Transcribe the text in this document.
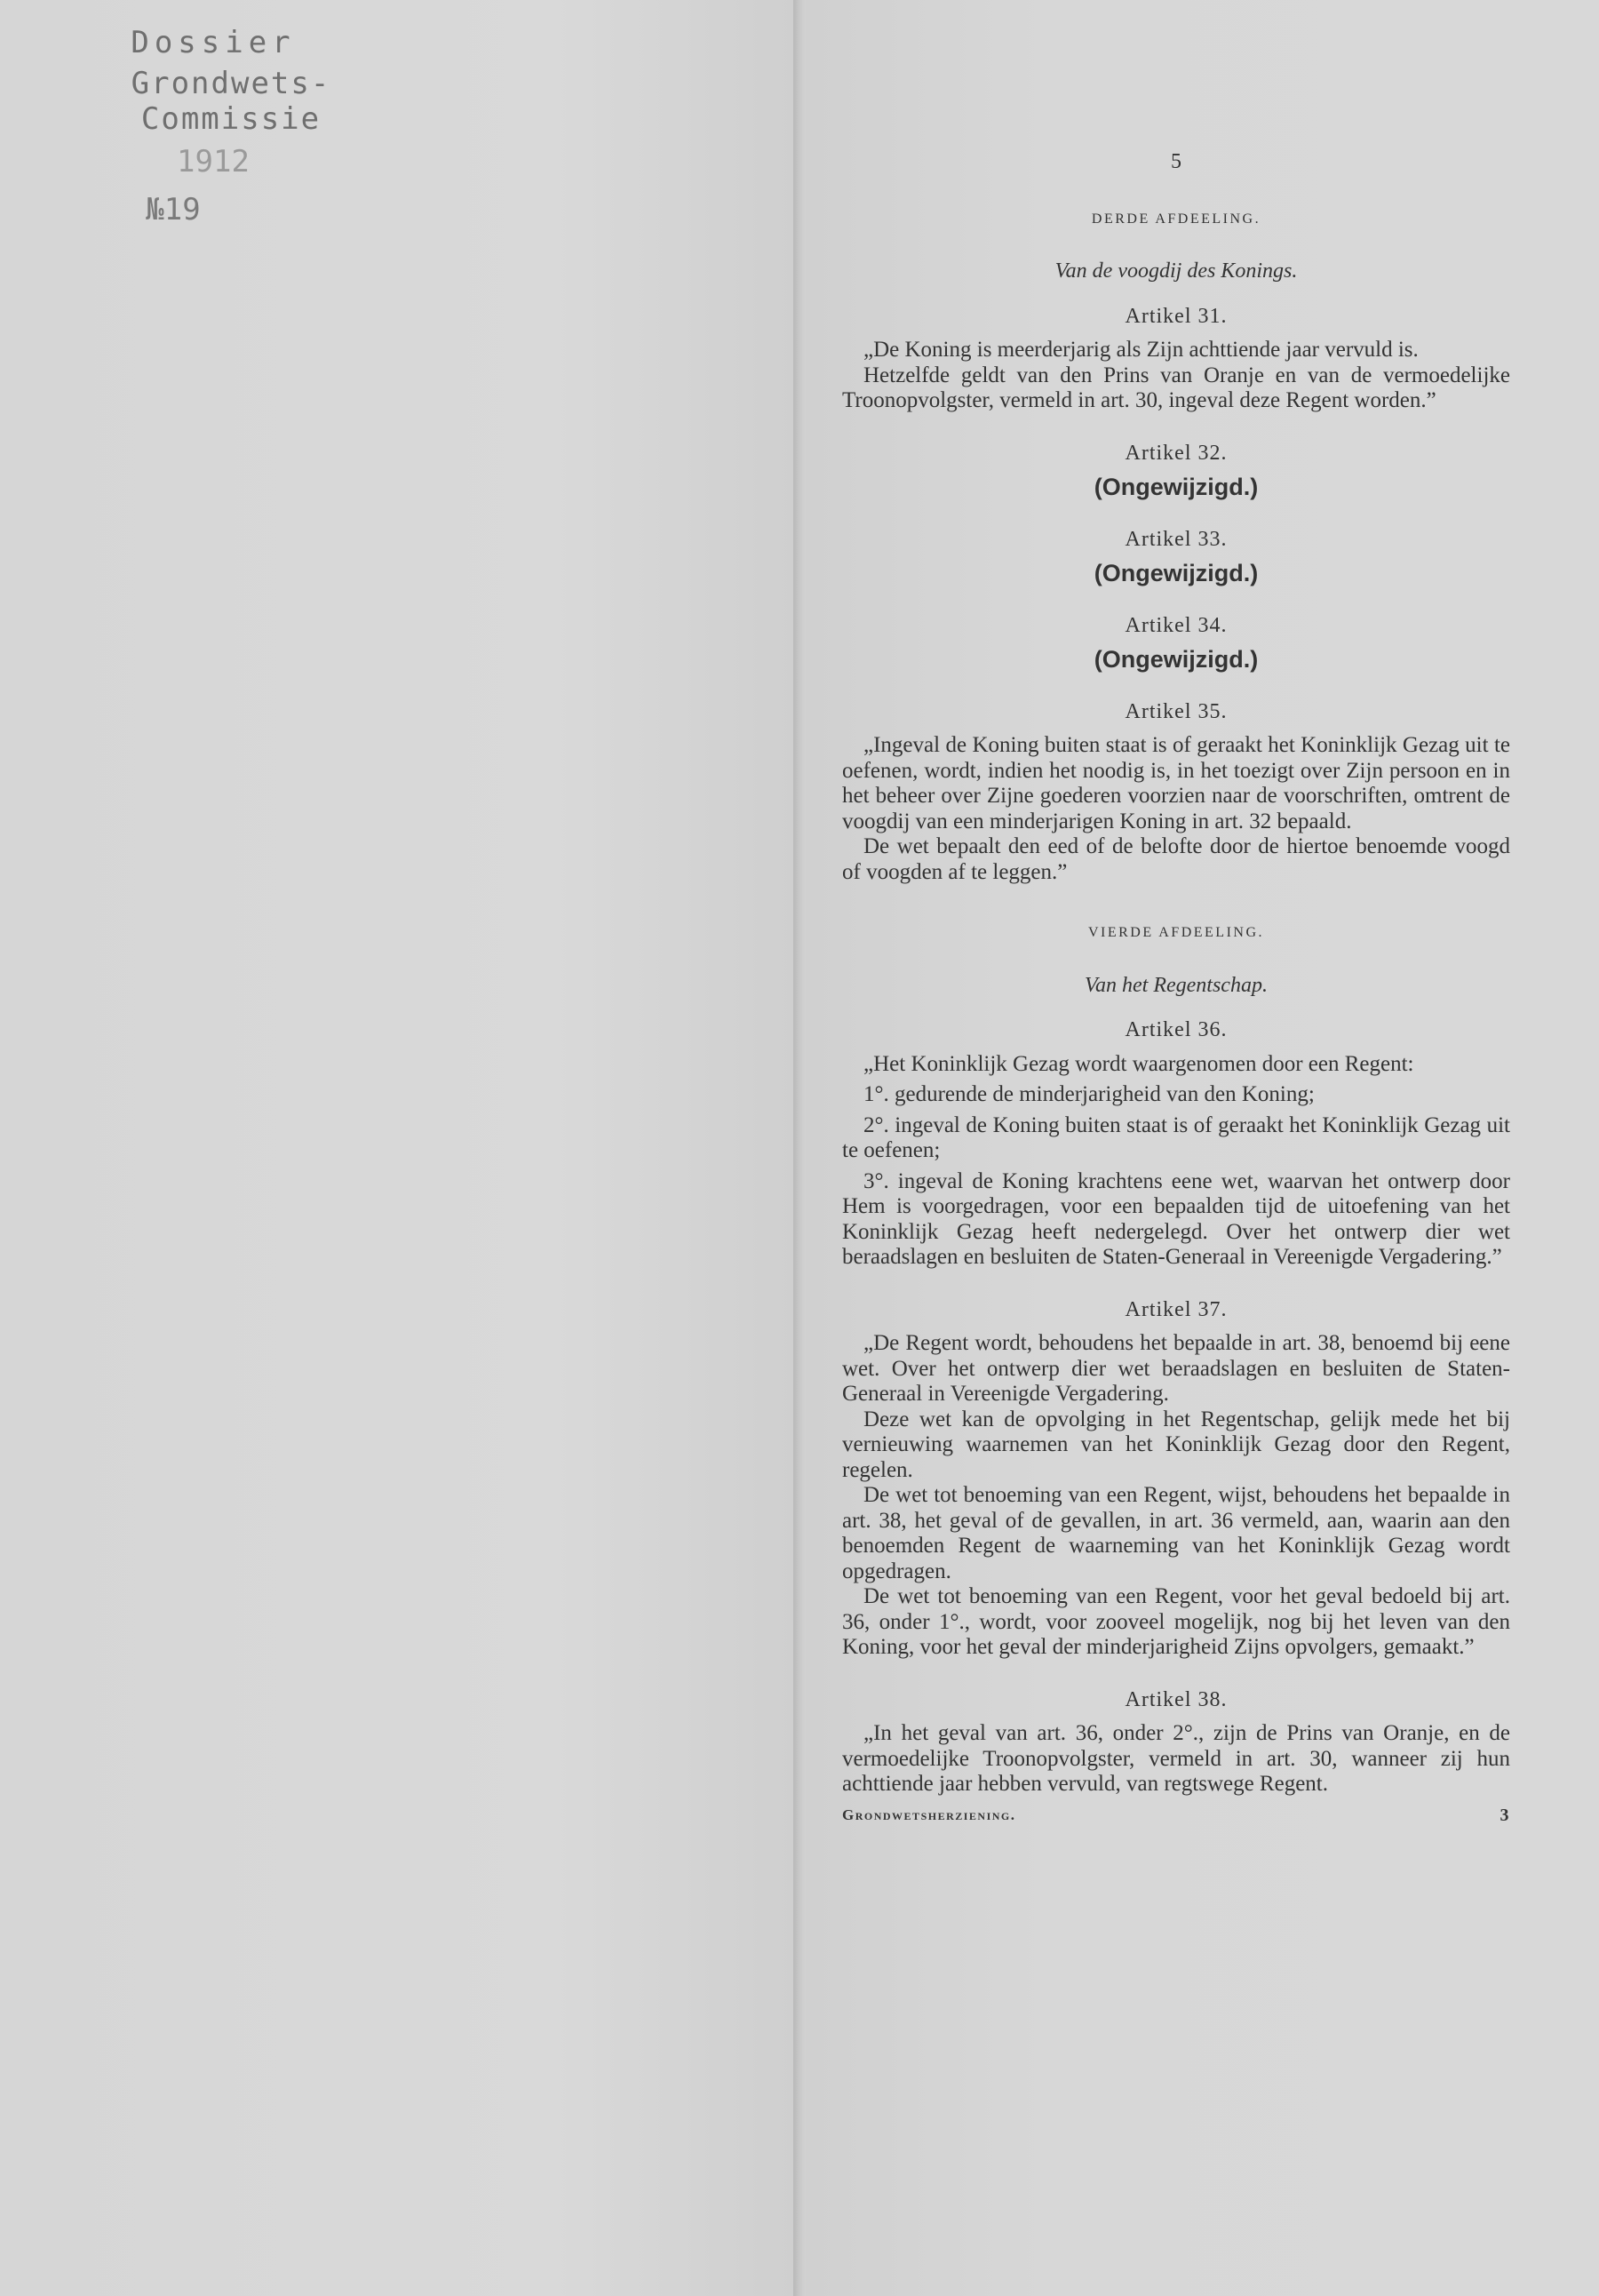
Dossier
Grondwets-Commissie
1912
№19
5
DERDE AFDEELING.
Van de voogdij des Konings.
Artikel 31.

„De Koning is meerderjarig als Zijn achttiende jaar vervuld is.

Hetzelfde geldt van den Prins van Oranje en van de vermoedelijke Troonopvolgster, vermeld in art. 30, ingeval deze Regent worden.”

Artikel 32.
(Ongewijzigd.)
Artikel 33.
(Ongewijzigd.)
Artikel 34.
(Ongewijzigd.)
Artikel 35.

„Ingeval de Koning buiten staat is of geraakt het Koninklijk Gezag uit te oefenen, wordt, indien het noodig is, in het toezigt over Zijn persoon en in het beheer over Zijne goederen voorzien naar de voorschriften, omtrent de voogdij van een minderjarigen Koning in art. 32 bepaald.

De wet bepaalt den eed of de belofte door de hiertoe benoemde voogd of voogden af te leggen.”

VIERDE AFDEELING.
Van het Regentschap.
Artikel 36.

„Het Koninklijk Gezag wordt waargenomen door een Regent:

1°. gedurende de minderjarigheid van den Koning;

2°. ingeval de Koning buiten staat is of geraakt het Koninklijk Gezag uit te oefenen;

3°. ingeval de Koning krachtens eene wet, waarvan het ontwerp door Hem is voorgedragen, voor een bepaalden tijd de uitoefening van het Koninklijk Gezag heeft nedergelegd. Over het ontwerp dier wet beraadslagen en besluiten de Staten-Generaal in Vereenigde Vergadering.”

Artikel 37.

„De Regent wordt, behoudens het bepaalde in art. 38, benoemd bij eene wet. Over het ontwerp dier wet beraadslagen en besluiten de Staten-Generaal in Vereenigde Vergadering.

Deze wet kan de opvolging in het Regentschap, gelijk mede het bij vernieuwing waarnemen van het Koninklijk Gezag door den Regent, regelen.

De wet tot benoeming van een Regent, wijst, behoudens het bepaalde in art. 38, het geval of de gevallen, in art. 36 vermeld, aan, waarin aan den benoemden Regent de waarneming van het Koninklijk Gezag wordt opgedragen.

De wet tot benoeming van een Regent, voor het geval bedoeld bij art. 36, onder 1°., wordt, voor zooveel mogelijk, nog bij het leven van den Koning, voor het geval der minderjarigheid Zijns opvolgers, gemaakt.”

Artikel 38.

„In het geval van art. 36, onder 2°., zijn de Prins van Oranje, en de vermoedelijke Troonopvolgster, vermeld in art. 30, wanneer zij hun achttiende jaar hebben vervuld, van regtswege Regent.

Grondwetsherziening.	3
